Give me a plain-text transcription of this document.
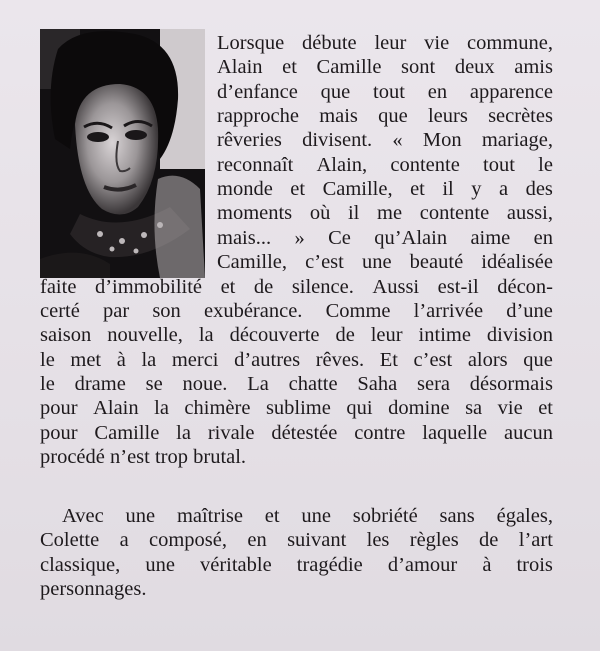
Lorsque débute leur vie commune,
Alain et Camille sont deux amis
d’enfance que tout en apparence
rapproche mais que leurs secrètes
rêveries divisent. « Mon mariage,
reconnaît Alain, contente tout le
monde et Camille, et il y a des
moments où il me contente aussi,
mais... » Ce qu’Alain aime en
Camille, c’est une beauté idéalisée
faite d’immobilité et de silence. Aussi est-il décon-
certé par son exubérance. Comme l’arrivée d’une
saison nouvelle, la découverte de leur intime division
le met à la merci d’autres rêves. Et c’est alors que
le drame se noue. La chatte Saha sera désormais
pour Alain la chimère sublime qui domine sa vie et
pour Camille la rivale détestée contre laquelle aucun
procédé n’est trop brutal.
Avec une maîtrise et une sobriété sans égales,
Colette a composé, en suivant les règles de l’art
classique, une véritable tragédie d’amour à trois
personnages.
